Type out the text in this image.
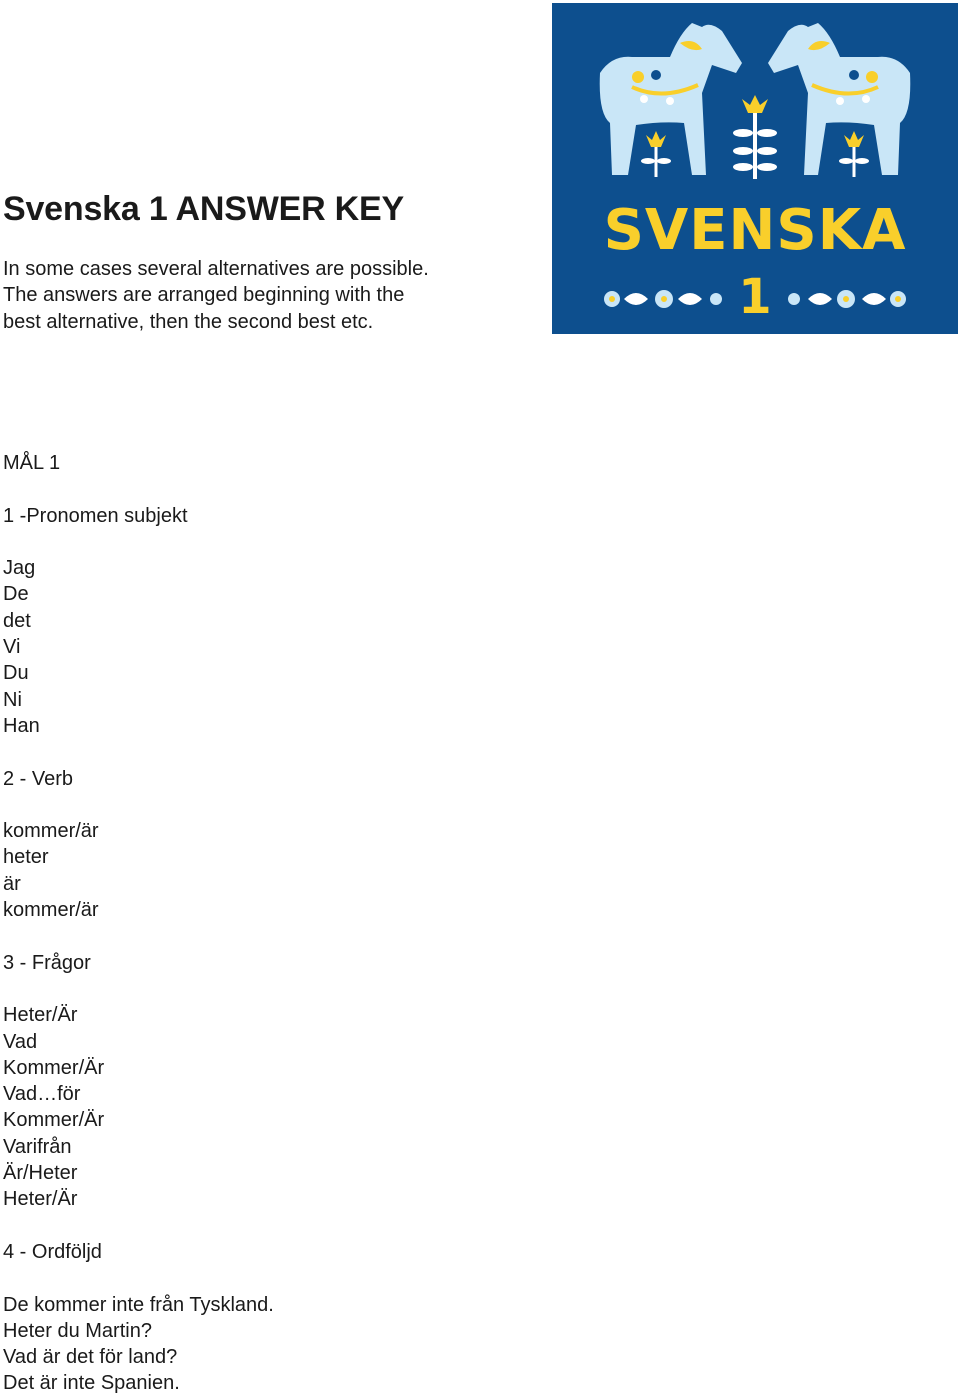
Svenska 1 ANSWER KEY
In some cases several alternatives are possible.
The answers are arranged beginning with the
best alternative, then the second best etc.
SVENSKA
1
MÅL 1
1 -Pronomen subjekt
Jag
De
det
Vi
Du
Ni
Han
2 - Verb
kommer/är
heter
är
kommer/är
3 - Frågor
Heter/Är
Vad
Kommer/Är
Vad…för
Kommer/Är
Varifrån
Är/Heter
Heter/Är
4 - Ordföljd
De kommer inte från Tyskland.
Heter du Martin?
Vad är det för land?
Det är inte Spanien.
